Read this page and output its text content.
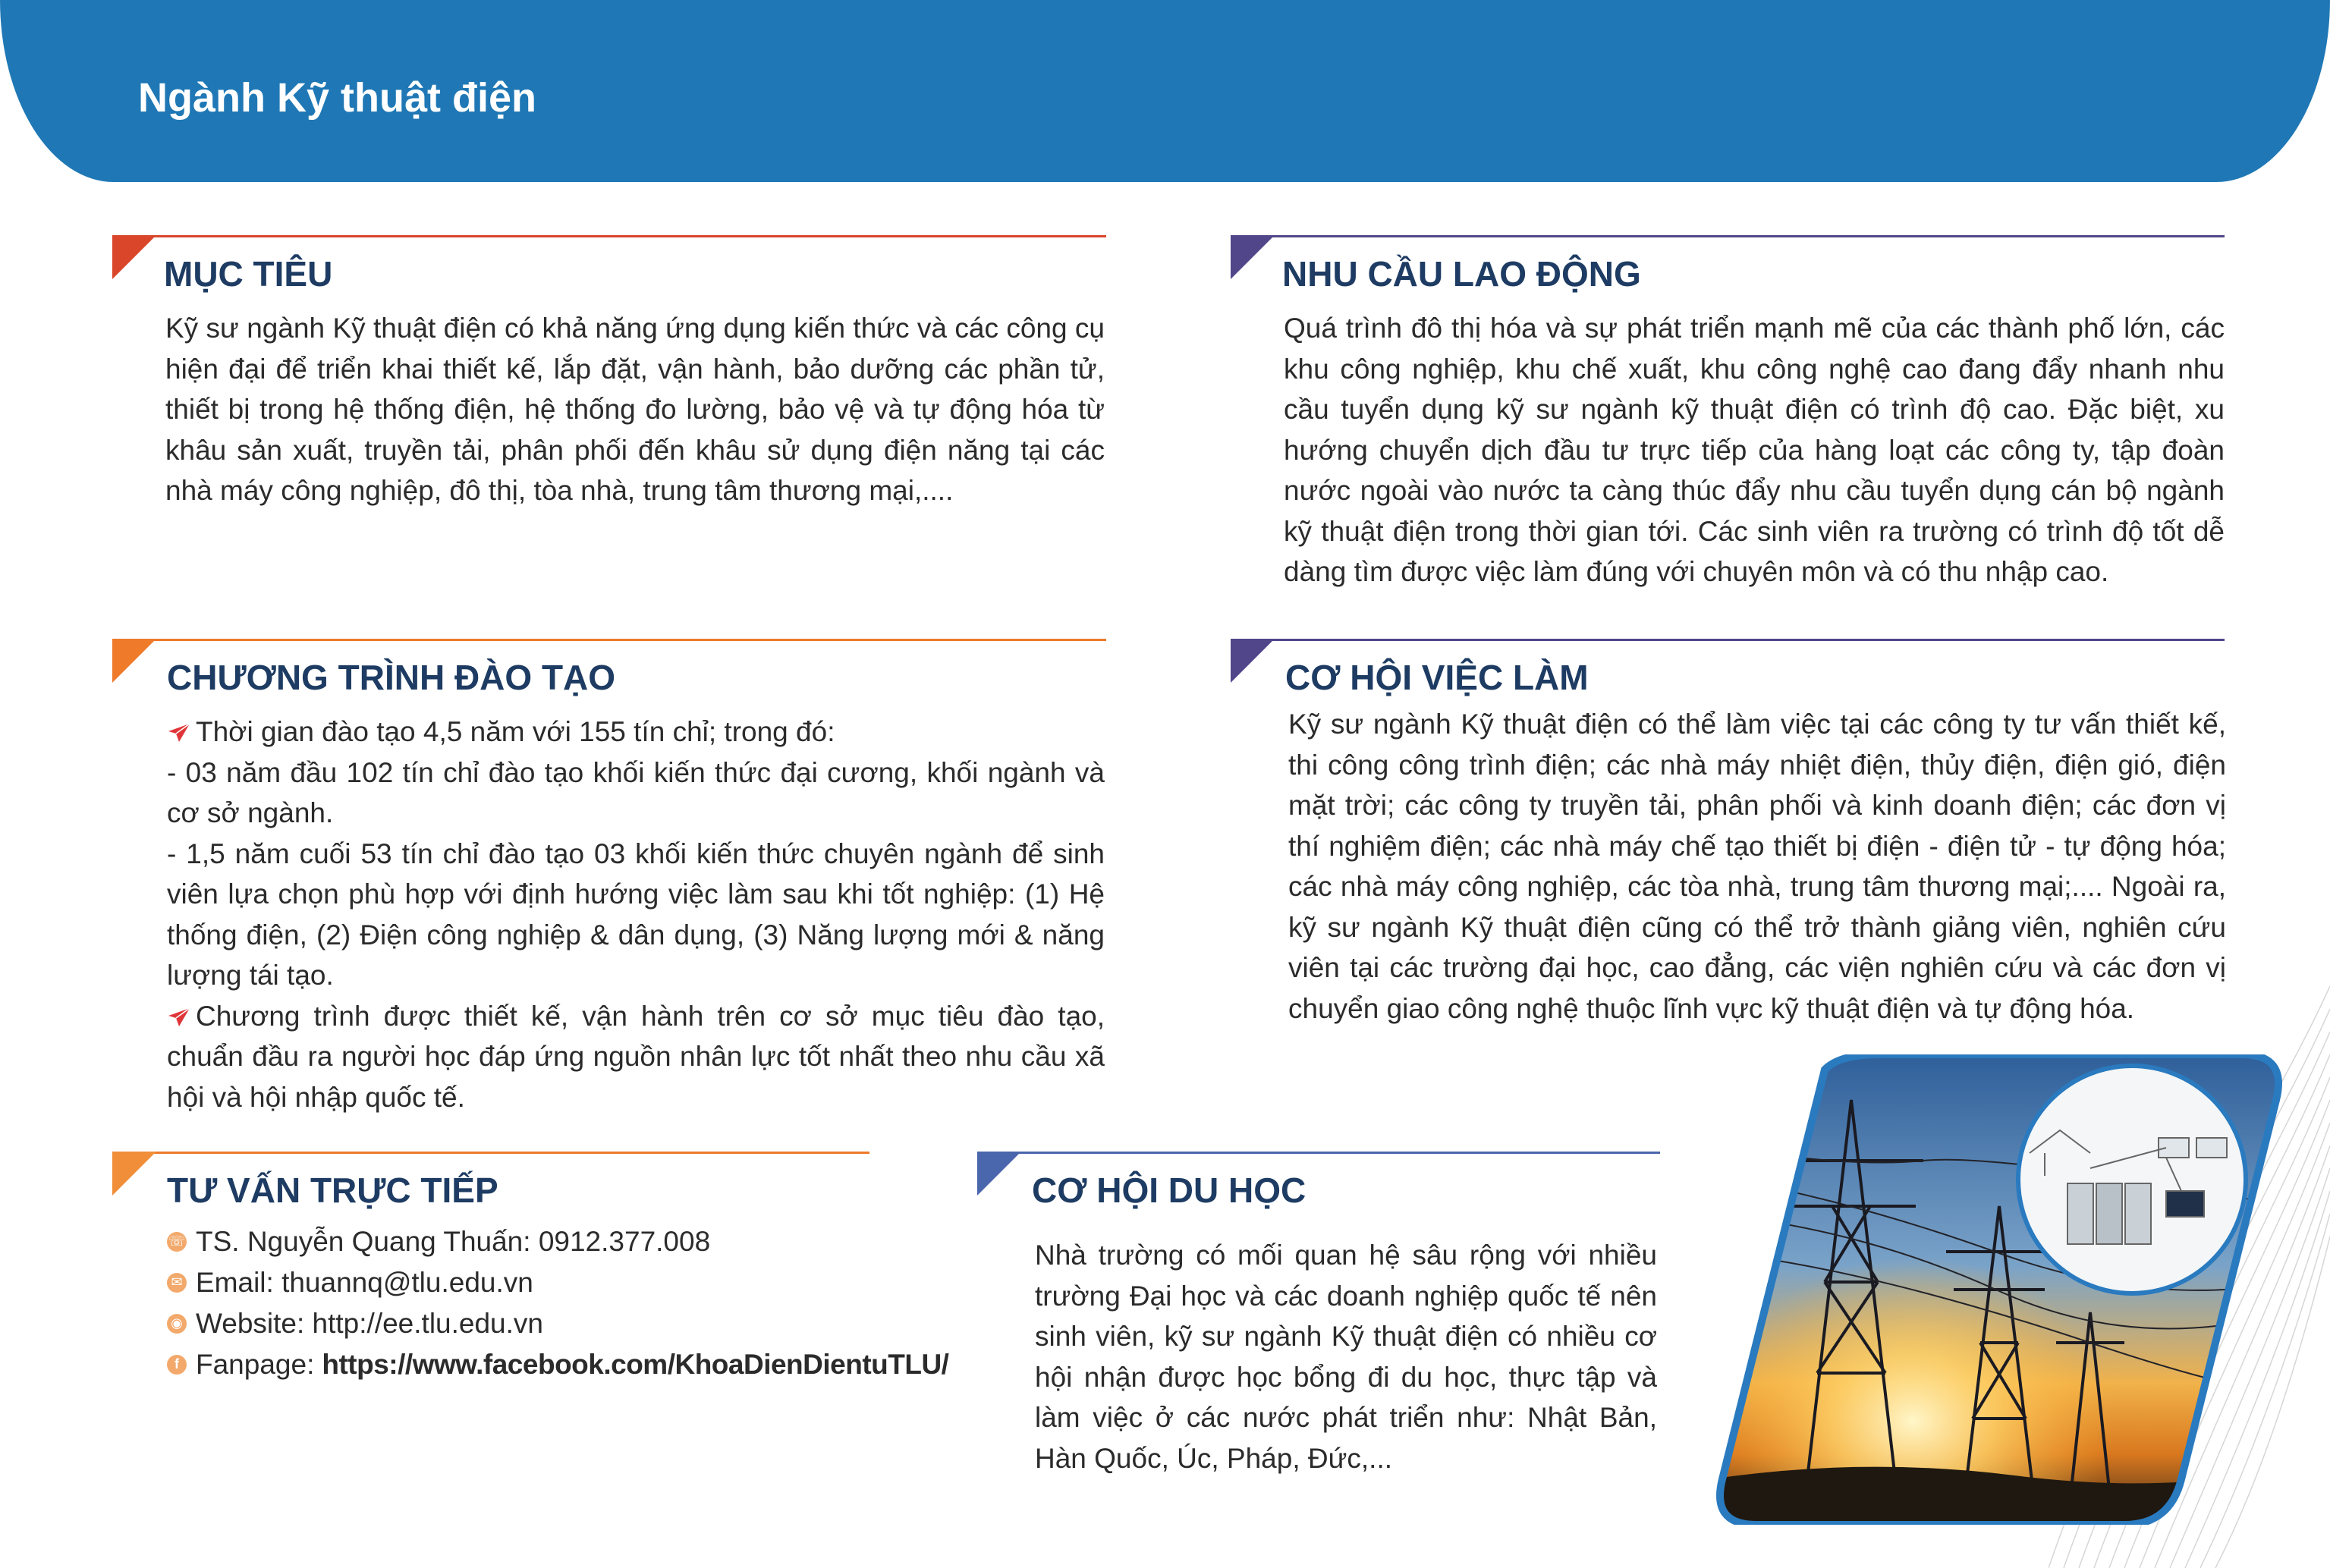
Ngành Kỹ thuật điện
MỤC TIÊU

Kỹ sư ngành Kỹ thuật điện có khả năng ứng dụng kiến thức và các công cụ hiện đại để triển khai thiết kế, lắp đặt, vận hành, bảo dưỡng các phần tử, thiết bị trong hệ thống điện, hệ thống đo lường, bảo vệ và tự động hóa từ khâu sản xuất, truyền tải, phân phối đến khâu sử dụng điện năng tại các nhà máy công nghiệp, đô thị, tòa nhà, trung tâm thương mại,....

NHU CẦU LAO ĐỘNG

Quá trình đô thị hóa và sự phát triển mạnh mẽ của các thành phố lớn, các khu công nghiệp, khu chế xuất, khu công nghệ cao đang đẩy nhanh nhu cầu tuyển dụng kỹ sư ngành kỹ thuật điện có trình độ cao. Đặc biệt, xu hướng chuyển dịch đầu tư trực tiếp của hàng loạt các công ty, tập đoàn nước ngoài vào nước ta càng thúc đẩy nhu cầu tuyển dụng cán bộ ngành kỹ thuật điện trong thời gian tới. Các sinh viên ra trường có trình độ tốt dễ dàng tìm được việc làm đúng với chuyên môn và có thu nhập cao.

CHƯƠNG TRÌNH ĐÀO TẠO

Thời gian đào tạo 4,5 năm với 155 tín chỉ; trong đó:

- 03 năm đầu 102 tín chỉ đào tạo khối kiến thức đại cương, khối ngành và cơ sở ngành.

- 1,5 năm cuối 53 tín chỉ đào tạo 03 khối kiến thức chuyên ngành để sinh viên lựa chọn phù hợp với định hướng việc làm sau khi tốt nghiệp: (1) Hệ thống điện, (2) Điện công nghiệp & dân dụng, (3) Năng lượng mới & năng lượng tái tạo.

Chương trình được thiết kế, vận hành trên cơ sở mục tiêu đào tạo, chuẩn đầu ra người học đáp ứng nguồn nhân lực tốt nhất theo nhu cầu xã hội và hội nhập quốc tế.

CƠ HỘI VIỆC LÀM

Kỹ sư ngành Kỹ thuật điện có thể làm việc tại các công ty tư vấn thiết kế, thi công công trình điện; các nhà máy nhiệt điện, thủy điện, điện gió, điện mặt trời; các công ty truyền tải, phân phối và kinh doanh điện; các đơn vị thí nghiệm điện; các nhà máy chế tạo thiết bị điện - điện tử - tự động hóa; các nhà máy công nghiệp, các tòa nhà, trung tâm thương mại;.... Ngoài ra, kỹ sư ngành Kỹ thuật điện cũng có thể trở thành giảng viên, nghiên cứu viên tại các trường đại học, cao đẳng, các viện nghiên cứu và các đơn vị chuyển giao công nghệ thuộc lĩnh vực kỹ thuật điện và tự động hóa.

TƯ VẤN TRỰC TIẾP
☏ TS. Nguyễn Quang Thuấn: 0912.377.008
✉ Email: thuannq@tlu.edu.vn
◉ Website: http://ee.tlu.edu.vn
f Fanpage: https://www.facebook.com/KhoaDienDientuTLU/
CƠ HỘI DU HỌC

Nhà trường có mối quan hệ sâu rộng với nhiều trường Đại học và các doanh nghiệp quốc tế nên sinh viên, kỹ sư ngành Kỹ thuật điện có nhiều cơ hội nhận được học bổng đi du học, thực tập và làm việc ở các nước phát triển như: Nhật Bản, Hàn Quốc, Úc, Pháp, Đức,...
